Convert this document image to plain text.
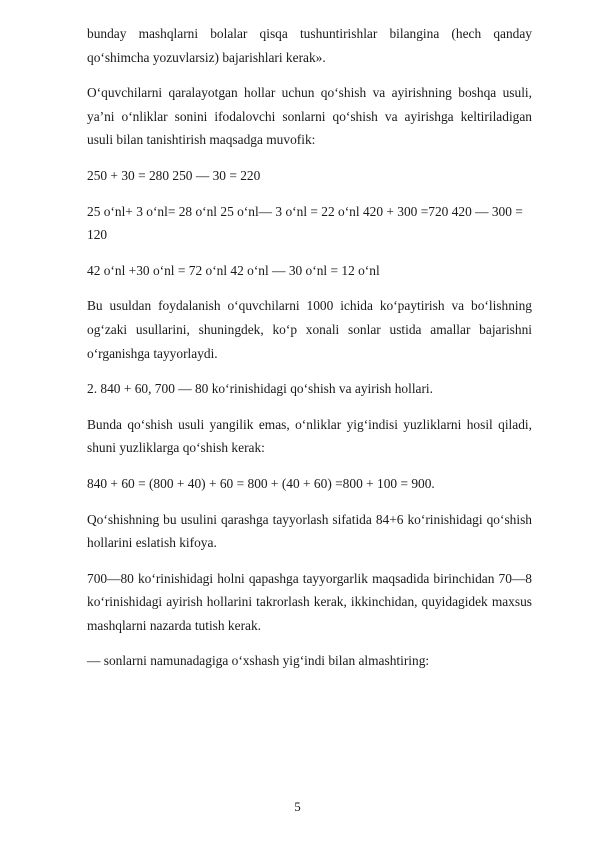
bunday mashqlarni bolalar qisqa tushuntirishlar bilangina (hech qanday qo‘shimcha yozuvlarsiz) bajarishlari kerak».

O‘quvchilarni qaralayotgan hollar uchun qo‘shish va ayirishning boshqa usuli, ya’ni o‘nliklar sonini ifodalovchi sonlarni qo‘shish va ayirishga keltiriladigan usuli bilan tanishtirish maqsadga muvofik:

250 + 30 = 280 250 — 30 = 220

25 o‘nl+ 3 o‘nl= 28 o‘nl 25 o‘nl— 3 o‘nl = 22 o‘nl 420 + 300 =720 420 — 300 = 120

42 o‘nl +30 o‘nl = 72 o‘nl 42 o‘nl — 30 o‘nl = 12 o‘nl

Bu usuldan foydalanish o‘quvchilarni 1000 ichida ko‘paytirish va bo‘lishning og‘zaki usullarini, shuningdek, ko‘p xonali sonlar ustida amallar bajarishni o‘rganishga tayyorlaydi.

2. 840 + 60, 700 — 80 ko‘rinishidagi qo‘shish va ayirish hollari.

Bunda qo‘shish usuli yangilik emas, o‘nliklar yig‘indisi yuzliklarni hosil qiladi, shuni yuzliklarga qo‘shish kerak:

840 + 60 = (800 + 40) + 60 = 800 + (40 + 60) =800 + 100 = 900.

Qo‘shishning bu usulini qarashga tayyorlash sifatida 84+6 ko‘rinishidagi qo‘shish hollarini eslatish kifoya.

700—80 ko‘rinishidagi holni qapashga tayyorgarlik maqsadida birinchidan 70—8 ko‘rinishidagi ayirish hollarini takrorlash kerak, ikkinchidan, quyidagidek maxsus mashqlarni nazarda tutish kerak.

— sonlarni namunadagiga o‘xshash yig‘indi bilan almashtiring:

5
